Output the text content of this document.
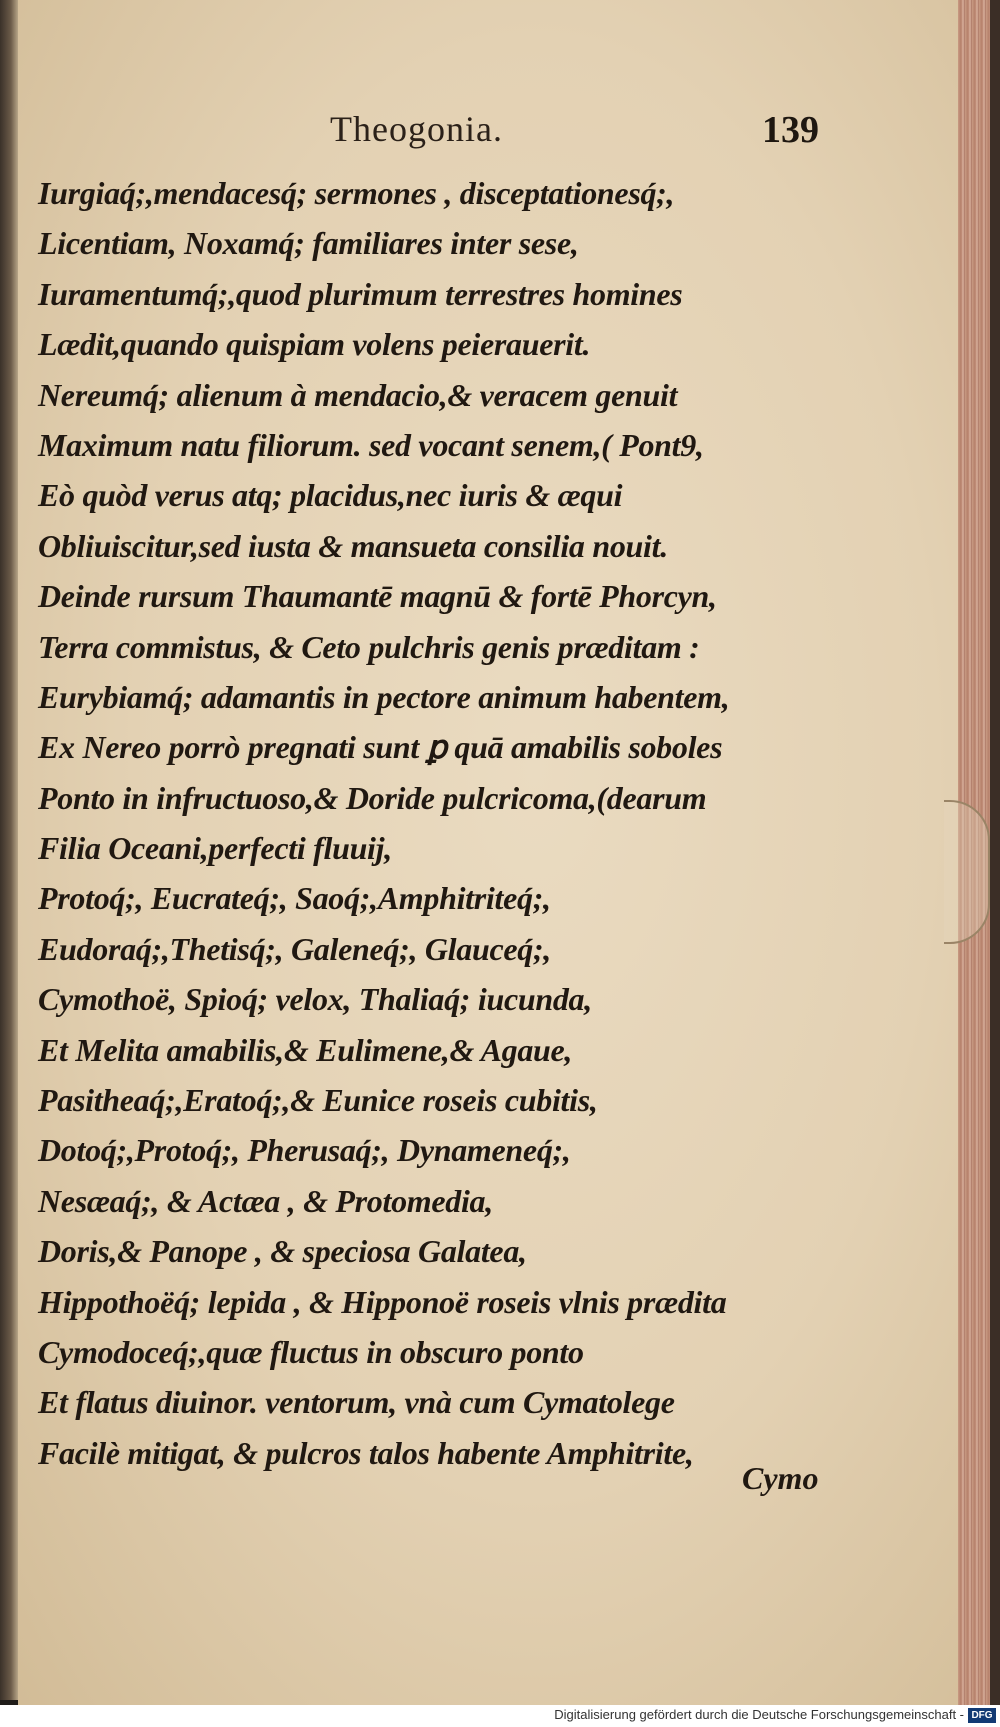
Theogonia.	139
Iurgiaq́;,mendacesq́; sermones , disceptationesq́;,
Licentiam, Noxamq́; familiares inter sese,
Iuramentumq́;,quod plurimum terrestres homines
Lædit,quando quispiam volens peierauerit.
Nereumq́; alienum à mendacio,& veracem genuit
Maximum natu filiorum. sed vocant senem,( Pont9,
Eò quòd verus atq; placidus,nec iuris & æqui
Obliuiscitur,sed iusta & mansueta consilia nouit.
Deinde rursum Thaumantē magnū & fortē Phorcyn,
Terra commistus, & Ceto pulchris genis præditam :
Eurybiamq́; adamantis in pectore animum habentem,
Ex Nereo porrò pregnati sunt ꝑ quā amabilis soboles
Ponto in infructuoso,& Doride pulcricoma,(dearum
Filia Oceani,perfecti fluuij,
Protoq́;, Eucrateq́;, Saoq́;,Amphitriteq́;,
Eudoraq́;,Thetisq́;, Galeneq́;, Glauceq́;,
Cymothoë, Spioq́; velox, Thaliaq́; iucunda,
Et Melita amabilis,& Eulimene,& Agaue,
Pasitheaq́;,Eratoq́;,& Eunice roseis cubitis,
Dotoq́;,Protoq́;, Pherusaq́;, Dynameneq́;,
Nesæaq́;, & Actæa , & Protomedia,
Doris,& Panope , & speciosa Galatea,
Hippothoëq́; lepida , & Hipponoë roseis vlnis prædita
Cymodoceq́;,quæ fluctus in obscuro ponto
Et flatus diuinor. ventorum, vnà cum Cymatolege
Facilè mitigat, & pulcros talos habente Amphitrite,
Cymo
Digitalisierung gefördert durch die Deutsche Forschungsgemeinschaft - DFG
